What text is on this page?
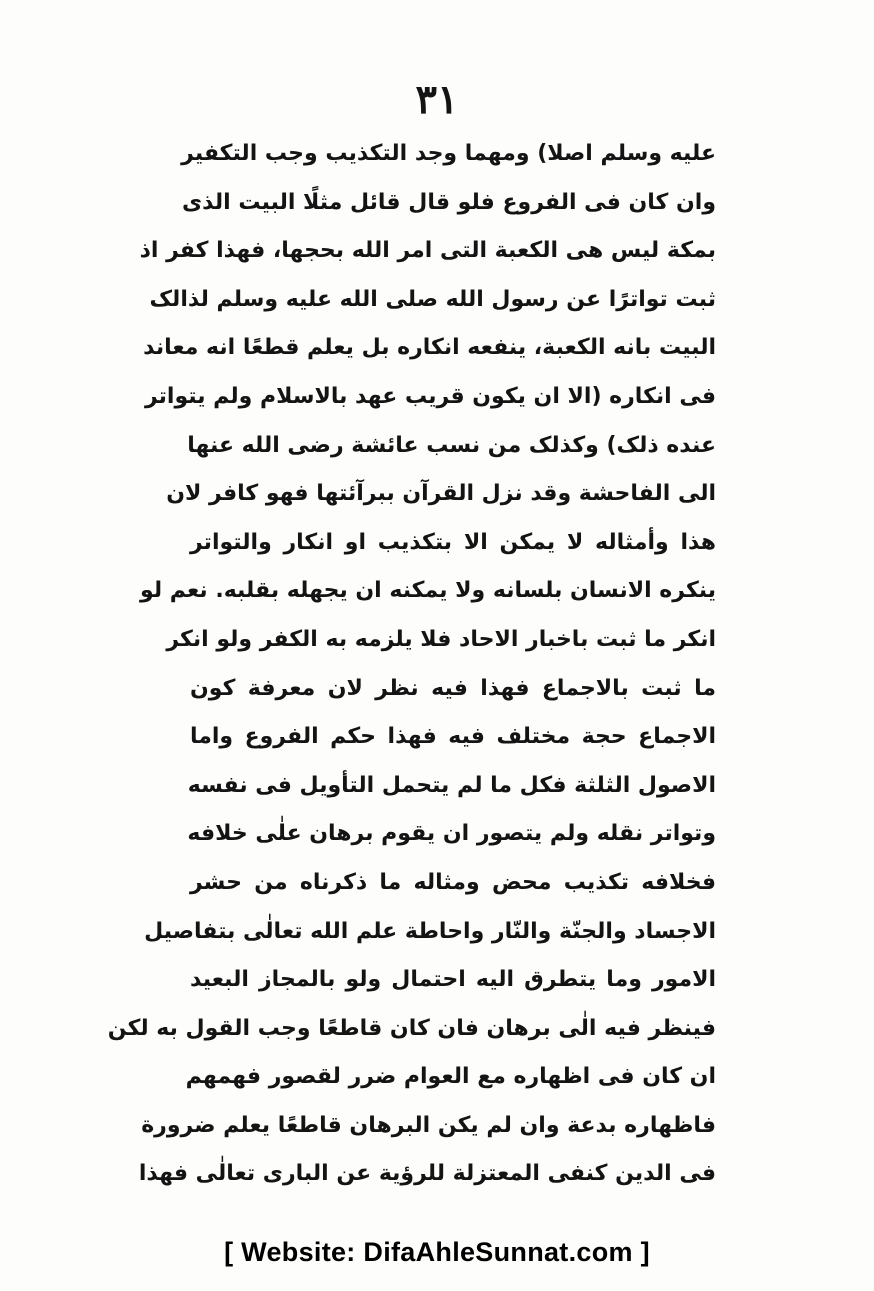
٣١
علیه وسلم اصلا) ومهما وجد التکذیب وجب التکفیر
وان کان فی الفروع فلو قال قائل مثلًا البیت الذی
بمکة لیس هی الکعبة التی امر الله بحجها، فهذا کفر اذ
ثبت تواترًا عن رسول الله صلی الله علیه وسلم لذالک
البیت بانه الکعبة، ینفعه انکاره بل یعلم قطعًا انه معاند
فی انکاره (الا ان یکون قریب عهد بالاسلام ولم یتواتر
عنده ذلک) وکذلک من نسب عائشة رضی الله عنها
الی الفاحشة وقد نزل القرآن ببرآئتها فهو کافر لان
هذا وأمثاله لا یمکن الا بتکذیب او انکار والتواتر
ینکره الانسان بلسانه ولا یمکنه ان یجهله بقلبه. نعم لو
انکر ما ثبت باخبار الاحاد فلا یلزمه به الکفر ولو انکر
ما ثبت بالاجماع فهذا فیه نظر لان معرفة کون
الاجماع حجة مختلف فیه فهذا حکم الفروع واما
الاصول الثلثة فکل ما لم یتحمل التأویل فی نفسه
وتواتر نقله ولم یتصور ان یقوم برهان علٰی خلافه
فخلافه تکذیب محض ومثاله ما ذکرناه من حشر
الاجساد والجنّة والنّار واحاطة علم الله تعالٰی بتفاصیل
الامور وما یتطرق الیه احتمال ولو بالمجاز البعید
فینظر فیه الٰی برهان فان کان قاطعًا وجب القول به لکن
ان کان فی اظهاره مع العوام ضرر لقصور فهمهم
فاظهاره بدعة وان لم یکن البرهان قاطعًا یعلم ضرورة
فی الدین کنفی المعتزلة للرؤیة عن الباری تعالٰی فهذا
[ Website: DifaAhleSunnat.com ]
